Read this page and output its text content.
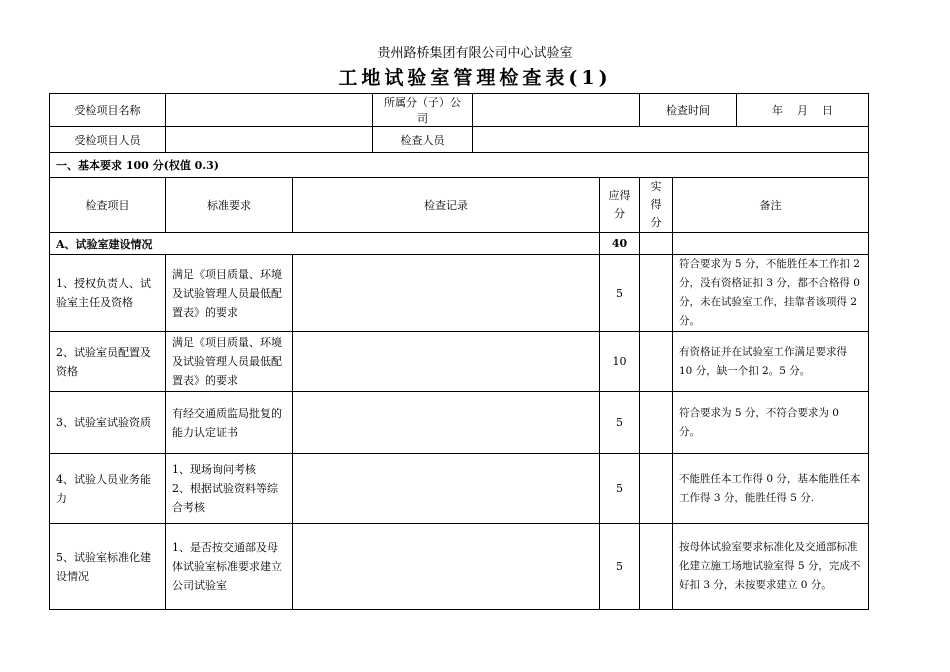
贵州路桥集团有限公司中心试验室
工地试验室管理检查表(1)
受检项目名称			所属分（子）公司			检查时间		年    月    日
受检项目人员			检查人员					
一、基本要求 100 分(权值 0.3)								
检查项目	标准要求	检查记录			应得分	实得分	备注	
A、试验室建设情况					40			
1、授权负责人、试验室主任及资格	满足《项目质量、环境及试验管理人员最低配置表》的要求				5		符合要求为 5 分，不能胜任本工作扣 2 分，没有资格证扣 3 分，都不合格得 0 分，未在试验室工作，挂靠者该项得 2 分。	
2、试验室员配置及资格	满足《项目质量、环境及试验管理人员最低配置表》的要求				10		有资格证并在试验室工作满足要求得 10 分，缺一个扣 2。5 分。	
3、试验室试验资质	有经交通质监局批复的能力认定证书				5		符合要求为 5 分，不符合要求为 0 分。	
4、试验人员业务能力	1、现场询问考核
2、根据试验资料等综合考核				5		不能胜任本工作得 0 分，基本能胜任本工作得 3 分，能胜任得 5 分.	
5、试验室标准化建设情况	1、是否按交通部及母体试验室标准要求建立公司试验室				5		按母体试验室要求标准化及交通部标准化建立施工场地试验室得 5 分，完成不好扣 3 分，未按要求建立 0 分。	
